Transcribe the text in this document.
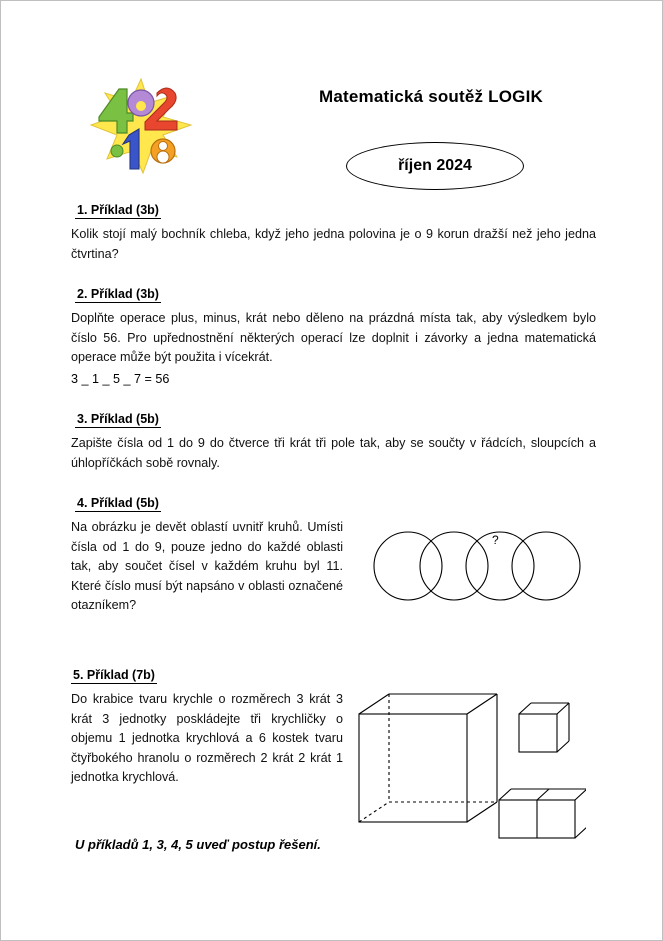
Matematická soutěž LOGIK
říjen 2024
1. Příklad (3b)
Kolik stojí malý bochník chleba, když jeho jedna polovina je o 9 korun dražší než jeho jedna čtvrtina?
2. Příklad (3b)
Doplňte operace plus, minus, krát nebo děleno na prázdná místa tak, aby výsledkem bylo číslo 56. Pro upřednostnění některých operací lze doplnit i závorky a jedna matematická operace může být použita i vícekrát.
3 _ 1 _ 5 _ 7 = 56
3. Příklad (5b)
Zapište čísla od 1 do 9 do čtverce tři krát tři pole tak, aby se součty v řádcích, sloupcích a úhlopříčkách sobě rovnaly.
4. Příklad (5b)
Na obrázku je devět oblastí uvnitř kruhů. Umísti čísla od 1 do 9, pouze jedno do každé oblasti tak, aby součet čísel v každém kruhu byl 11. Které číslo musí být napsáno v oblasti označené otazníkem?
?
5. Příklad (7b)
Do krabice tvaru krychle o rozměrech 3 krát 3 krát 3 jednotky poskládejte tři krychličky o objemu 1 jednotka krychlová a 6 kostek tvaru čtyřbokého hranolu o rozměrech 2 krát 2 krát 1 jednotka krychlová.
U příkladů 1, 3, 4, 5 uveď postup řešení.
